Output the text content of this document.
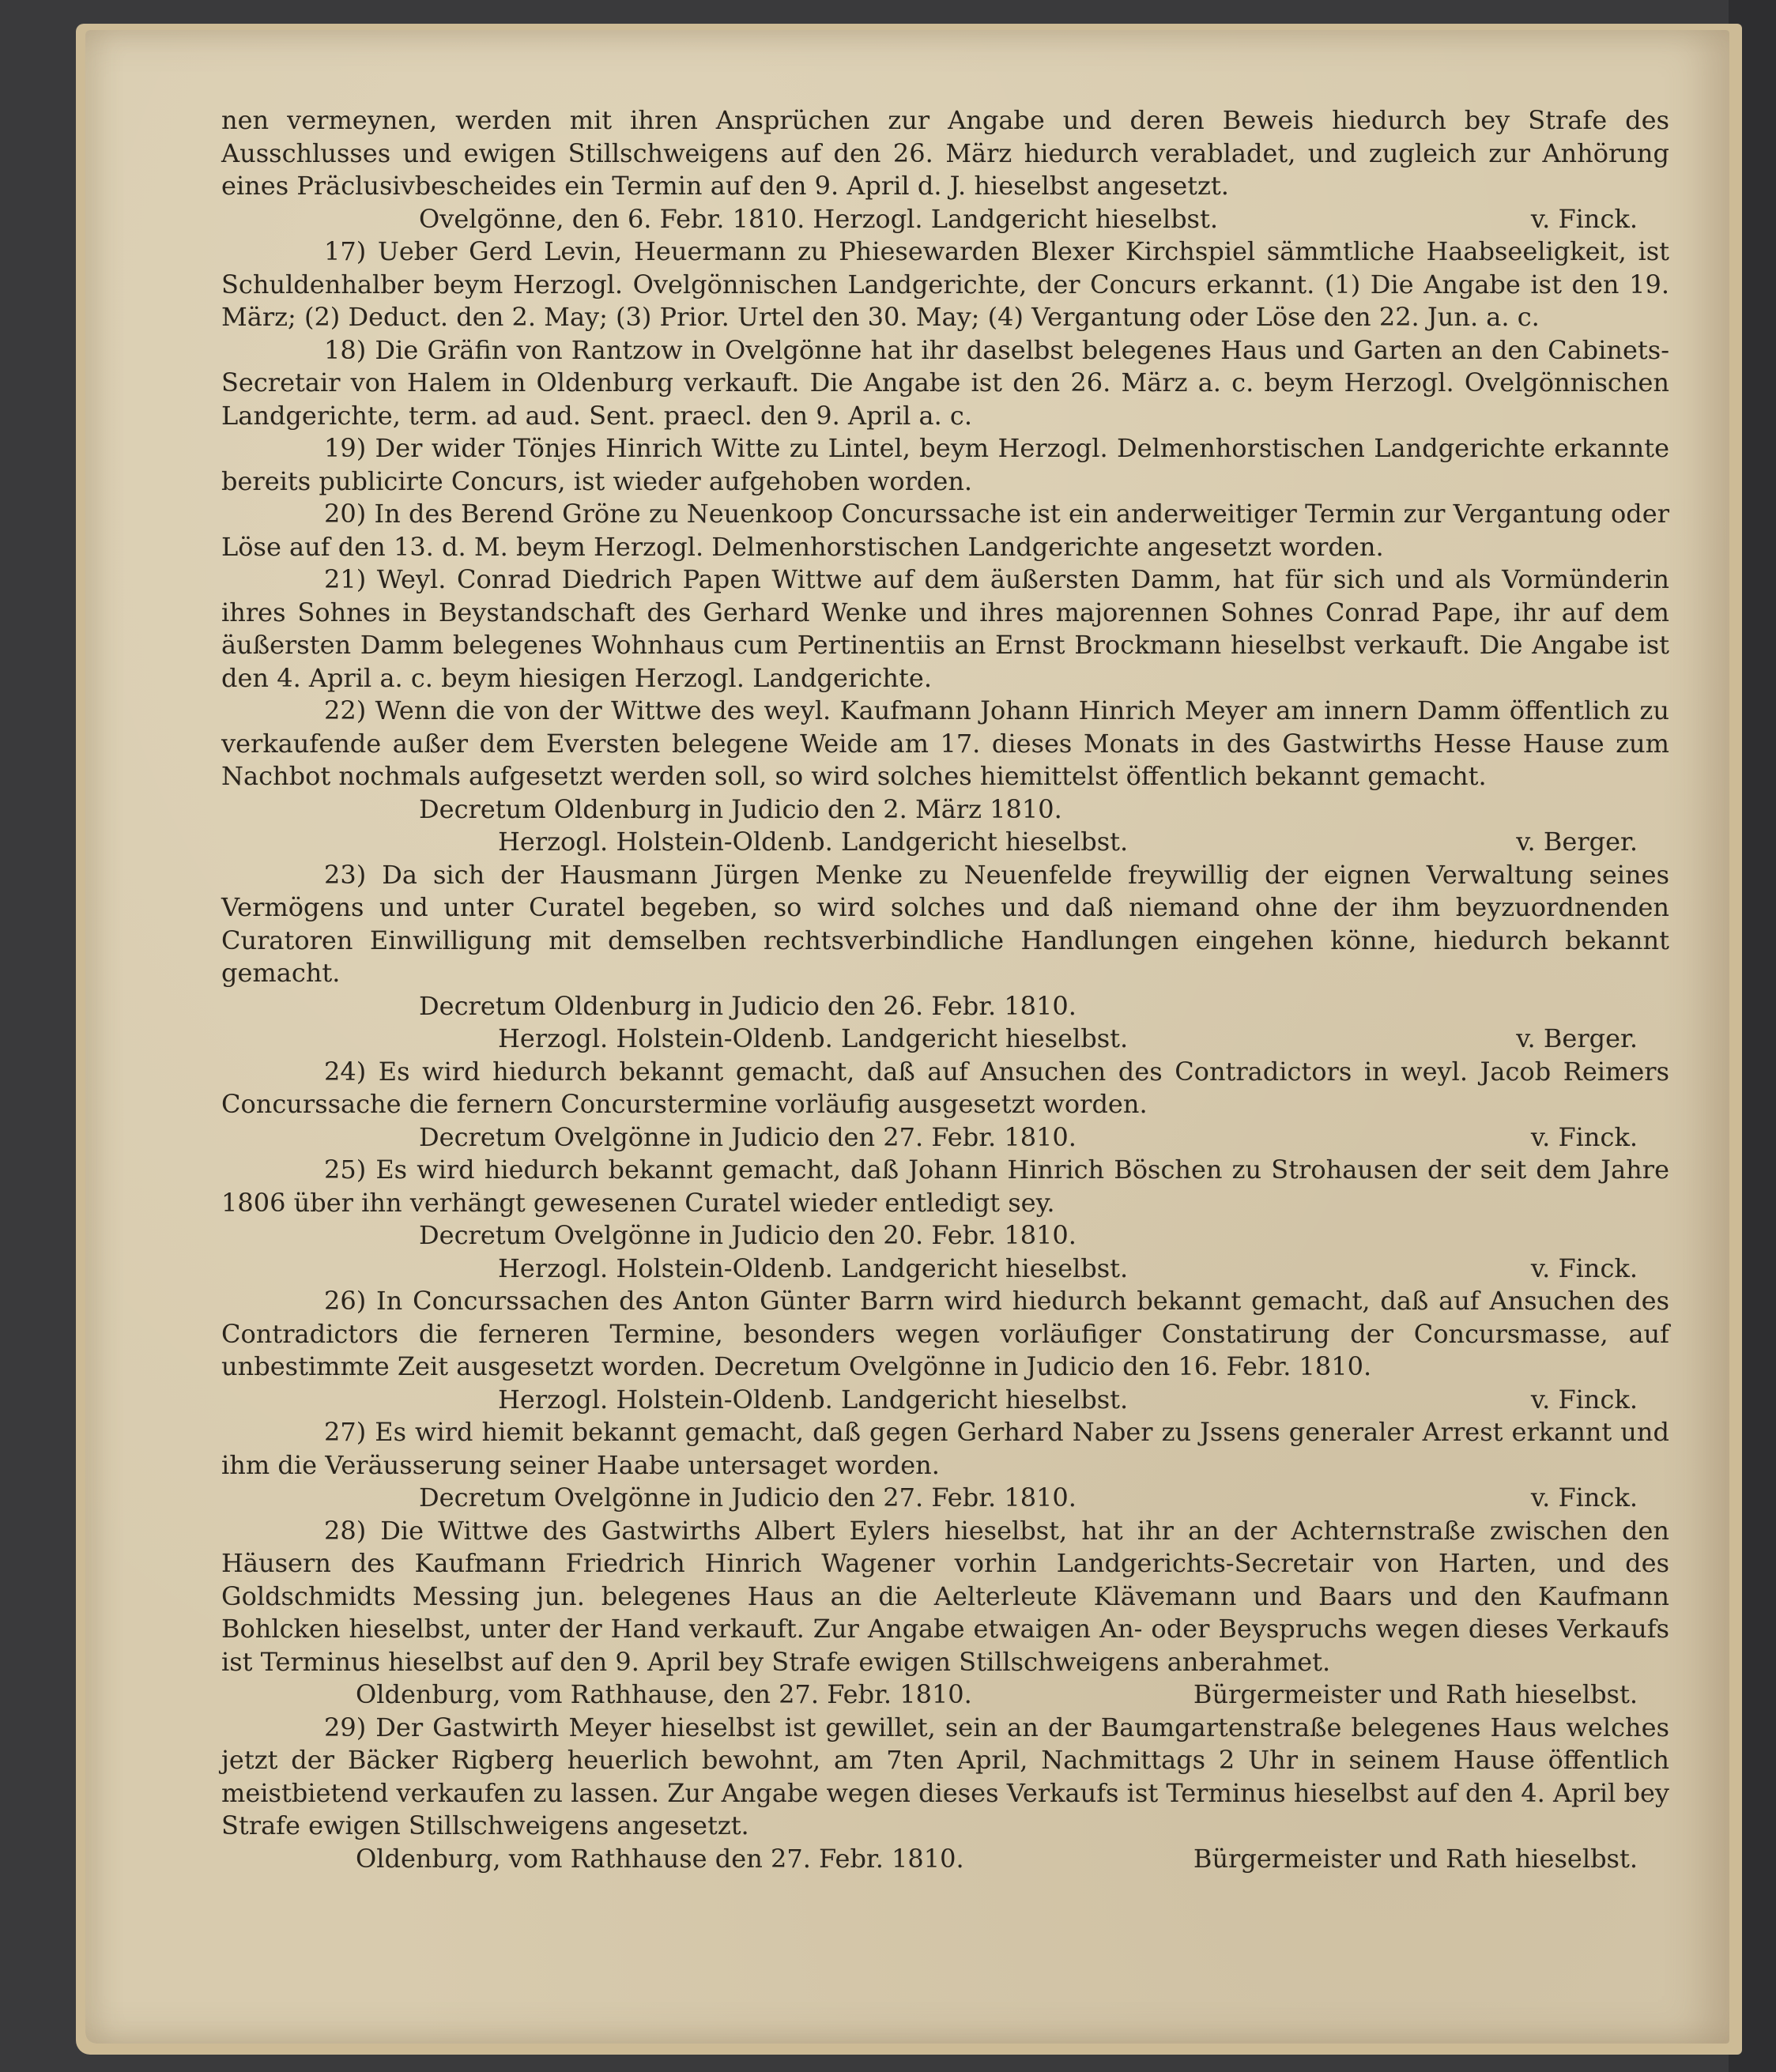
nen vermeynen, werden mit ihren Ansprüchen zur Angabe und deren Beweis hiedurch bey Strafe des Ausschlusses und ewigen Stillschweigens auf den 26. März hiedurch verabladet, und zugleich zur Anhörung eines Präclusivbescheides ein Termin auf den 9. April d. J. hieselbst angesetzt.

Ovelgönne, den 6. Febr. 1810. Herzogl. Landgericht hieselbst.	v. Finck.

17) Ueber Gerd Levin, Heuermann zu Phiesewarden Blexer Kirchspiel sämmtliche Haabseeligkeit, ist Schuldenhalber beym Herzogl. Ovelgönnischen Landgerichte, der Concurs erkannt. (1) Die Angabe ist den 19. März; (2) Deduct. den 2. May; (3) Prior. Urtel den 30. May; (4) Vergantung oder Löse den 22. Jun. a. c.

18) Die Gräfin von Rantzow in Ovelgönne hat ihr daselbst belegenes Haus und Garten an den Cabinets-Secretair von Halem in Oldenburg verkauft. Die Angabe ist den 26. März a. c. beym Herzogl. Ovelgönnischen Landgerichte, term. ad aud. Sent. praecl. den 9. April a. c.

19) Der wider Tönjes Hinrich Witte zu Lintel, beym Herzogl. Delmenhorstischen Landgerichte erkannte bereits publicirte Concurs, ist wieder aufgehoben worden.

20) In des Berend Gröne zu Neuenkoop Concurssache ist ein anderweitiger Termin zur Vergantung oder Löse auf den 13. d. M. beym Herzogl. Delmenhorstischen Landgerichte angesetzt worden.

21) Weyl. Conrad Diedrich Papen Wittwe auf dem äußersten Damm, hat für sich und als Vormünderin ihres Sohnes in Beystandschaft des Gerhard Wenke und ihres majorennen Sohnes Conrad Pape, ihr auf dem äußersten Damm belegenes Wohnhaus cum Pertinentiis an Ernst Brockmann hieselbst verkauft. Die Angabe ist den 4. April a. c. beym hiesigen Herzogl. Landgerichte.

22) Wenn die von der Wittwe des weyl. Kaufmann Johann Hinrich Meyer am innern Damm öffentlich zu verkaufende außer dem Eversten belegene Weide am 17. dieses Monats in des Gastwirths Hesse Hause zum Nachbot nochmals aufgesetzt werden soll, so wird solches hiemittelst öffentlich bekannt gemacht.

Decretum Oldenburg in Judicio den 2. März 1810.
Herzogl. Holstein-Oldenb. Landgericht hieselbst.	v. Berger.

23) Da sich der Hausmann Jürgen Menke zu Neuenfelde freywillig der eignen Verwaltung seines Vermögens und unter Curatel begeben, so wird solches und daß niemand ohne der ihm beyzuordnenden Curatoren Einwilligung mit demselben rechtsverbindliche Handlungen eingehen könne, hiedurch bekannt gemacht.

Decretum Oldenburg in Judicio den 26. Febr. 1810.
Herzogl. Holstein-Oldenb. Landgericht hieselbst.	v. Berger.

24) Es wird hiedurch bekannt gemacht, daß auf Ansuchen des Contradictors in weyl. Jacob Reimers Concurssache die fernern Concurstermine vorläufig ausgesetzt worden.

Decretum Ovelgönne in Judicio den 27. Febr. 1810.	v. Finck.

25) Es wird hiedurch bekannt gemacht, daß Johann Hinrich Böschen zu Strohausen der seit dem Jahre 1806 über ihn verhängt gewesenen Curatel wieder entledigt sey.

Decretum Ovelgönne in Judicio den 20. Febr. 1810.
Herzogl. Holstein-Oldenb. Landgericht hieselbst.	v. Finck.

26) In Concurssachen des Anton Günter Barrn wird hiedurch bekannt gemacht, daß auf Ansuchen des Contradictors die ferneren Termine, besonders wegen vorläufiger Constatirung der Concursmasse, auf unbestimmte Zeit ausgesetzt worden. Decretum Ovelgönne in Judicio den 16. Febr. 1810.

Herzogl. Holstein-Oldenb. Landgericht hieselbst.	v. Finck.

27) Es wird hiemit bekannt gemacht, daß gegen Gerhard Naber zu Jssens generaler Arrest erkannt und ihm die Veräusserung seiner Haabe untersaget worden.

Decretum Ovelgönne in Judicio den 27. Febr. 1810.	v. Finck.

28) Die Wittwe des Gastwirths Albert Eylers hieselbst, hat ihr an der Achternstraße zwischen den Häusern des Kaufmann Friedrich Hinrich Wagener vorhin Landgerichts-Secretair von Harten, und des Goldschmidts Messing jun. belegenes Haus an die Aelterleute Klävemann und Baars und den Kaufmann Bohlcken hieselbst, unter der Hand verkauft. Zur Angabe etwaigen An- oder Beyspruchs wegen dieses Verkaufs ist Terminus hieselbst auf den 9. April bey Strafe ewigen Stillschweigens anberahmet.

Oldenburg, vom Rathhause, den 27. Febr. 1810.	Bürgermeister und Rath hieselbst.

29) Der Gastwirth Meyer hieselbst ist gewillet, sein an der Baumgartenstraße belegenes Haus welches jetzt der Bäcker Rigberg heuerlich bewohnt, am 7ten April, Nachmittags 2 Uhr in seinem Hause öffentlich meistbietend verkaufen zu lassen. Zur Angabe wegen dieses Verkaufs ist Terminus hieselbst auf den 4. April bey Strafe ewigen Stillschweigens angesetzt.

Oldenburg, vom Rathhause den 27. Febr. 1810.	Bürgermeister und Rath hieselbst.
